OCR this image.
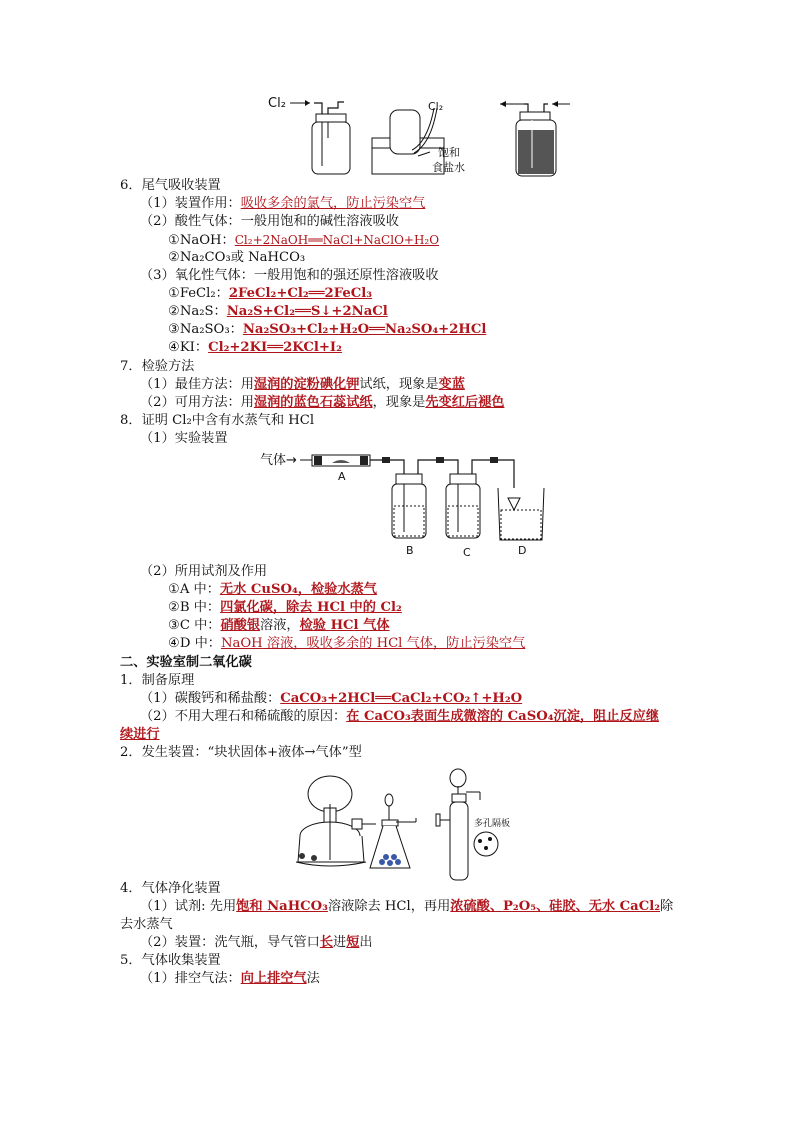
Cl₂	Cl₂
饱和
食盐水
6．尾气吸收装置
（1）装置作用：吸收多余的氯气，防止污染空气
（2）酸性气体：一般用饱和的碱性溶液吸收
①NaOH：Cl₂+2NaOH══NaCl+NaClO+H₂O
②Na₂CO₃或 NaHCO₃
（3）氧化性气体：一般用饱和的强还原性溶液吸收
①FeCl₂：2FeCl₂+Cl₂══2FeCl₃
②Na₂S：Na₂S+Cl₂══S↓+2NaCl
③Na₂SO₃：Na₂SO₃+Cl₂+H₂O══Na₂SO₄+2HCl
④KI：Cl₂+2KI══2KCl+I₂
7．检验方法
（1）最佳方法：用湿润的淀粉碘化钾试纸，现象是变蓝
（2）可用方法：用湿润的蓝色石蕊试纸，现象是先变红后褪色
8．证明 Cl₂中含有水蒸气和 HCl
（1）实验装置
气体→
A
B	C	D
（2）所用试剂及作用
①A 中：无水 CuSO₄，检验水蒸气
②B 中：四氯化碳，除去 HCl 中的 Cl₂
③C 中：硝酸银溶液，检验 HCl 气体
④D 中：NaOH 溶液，吸收多余的 HCl 气体，防止污染空气
二、实验室制二氧化碳
1．制备原理
（1）碳酸钙和稀盐酸：CaCO₃+2HCl══CaCl₂+CO₂↑+H₂O
（2）不用大理石和稀硫酸的原因：在 CaCO₃表面生成微溶的 CaSO₄沉淀，阻止反应继
续进行
2．发生装置：“块状固体+液体→气体”型
多孔隔板
4．气体净化装置
（1）试剂: 先用饱和 NaHCO₃溶液除去 HCl，再用浓硫酸、P₂O₅、硅胶、无水 CaCl₂除
去水蒸气
（2）装置：洗气瓶，导气管口长进短出
5．气体收集装置
（1）排空气法：向上排空气法
